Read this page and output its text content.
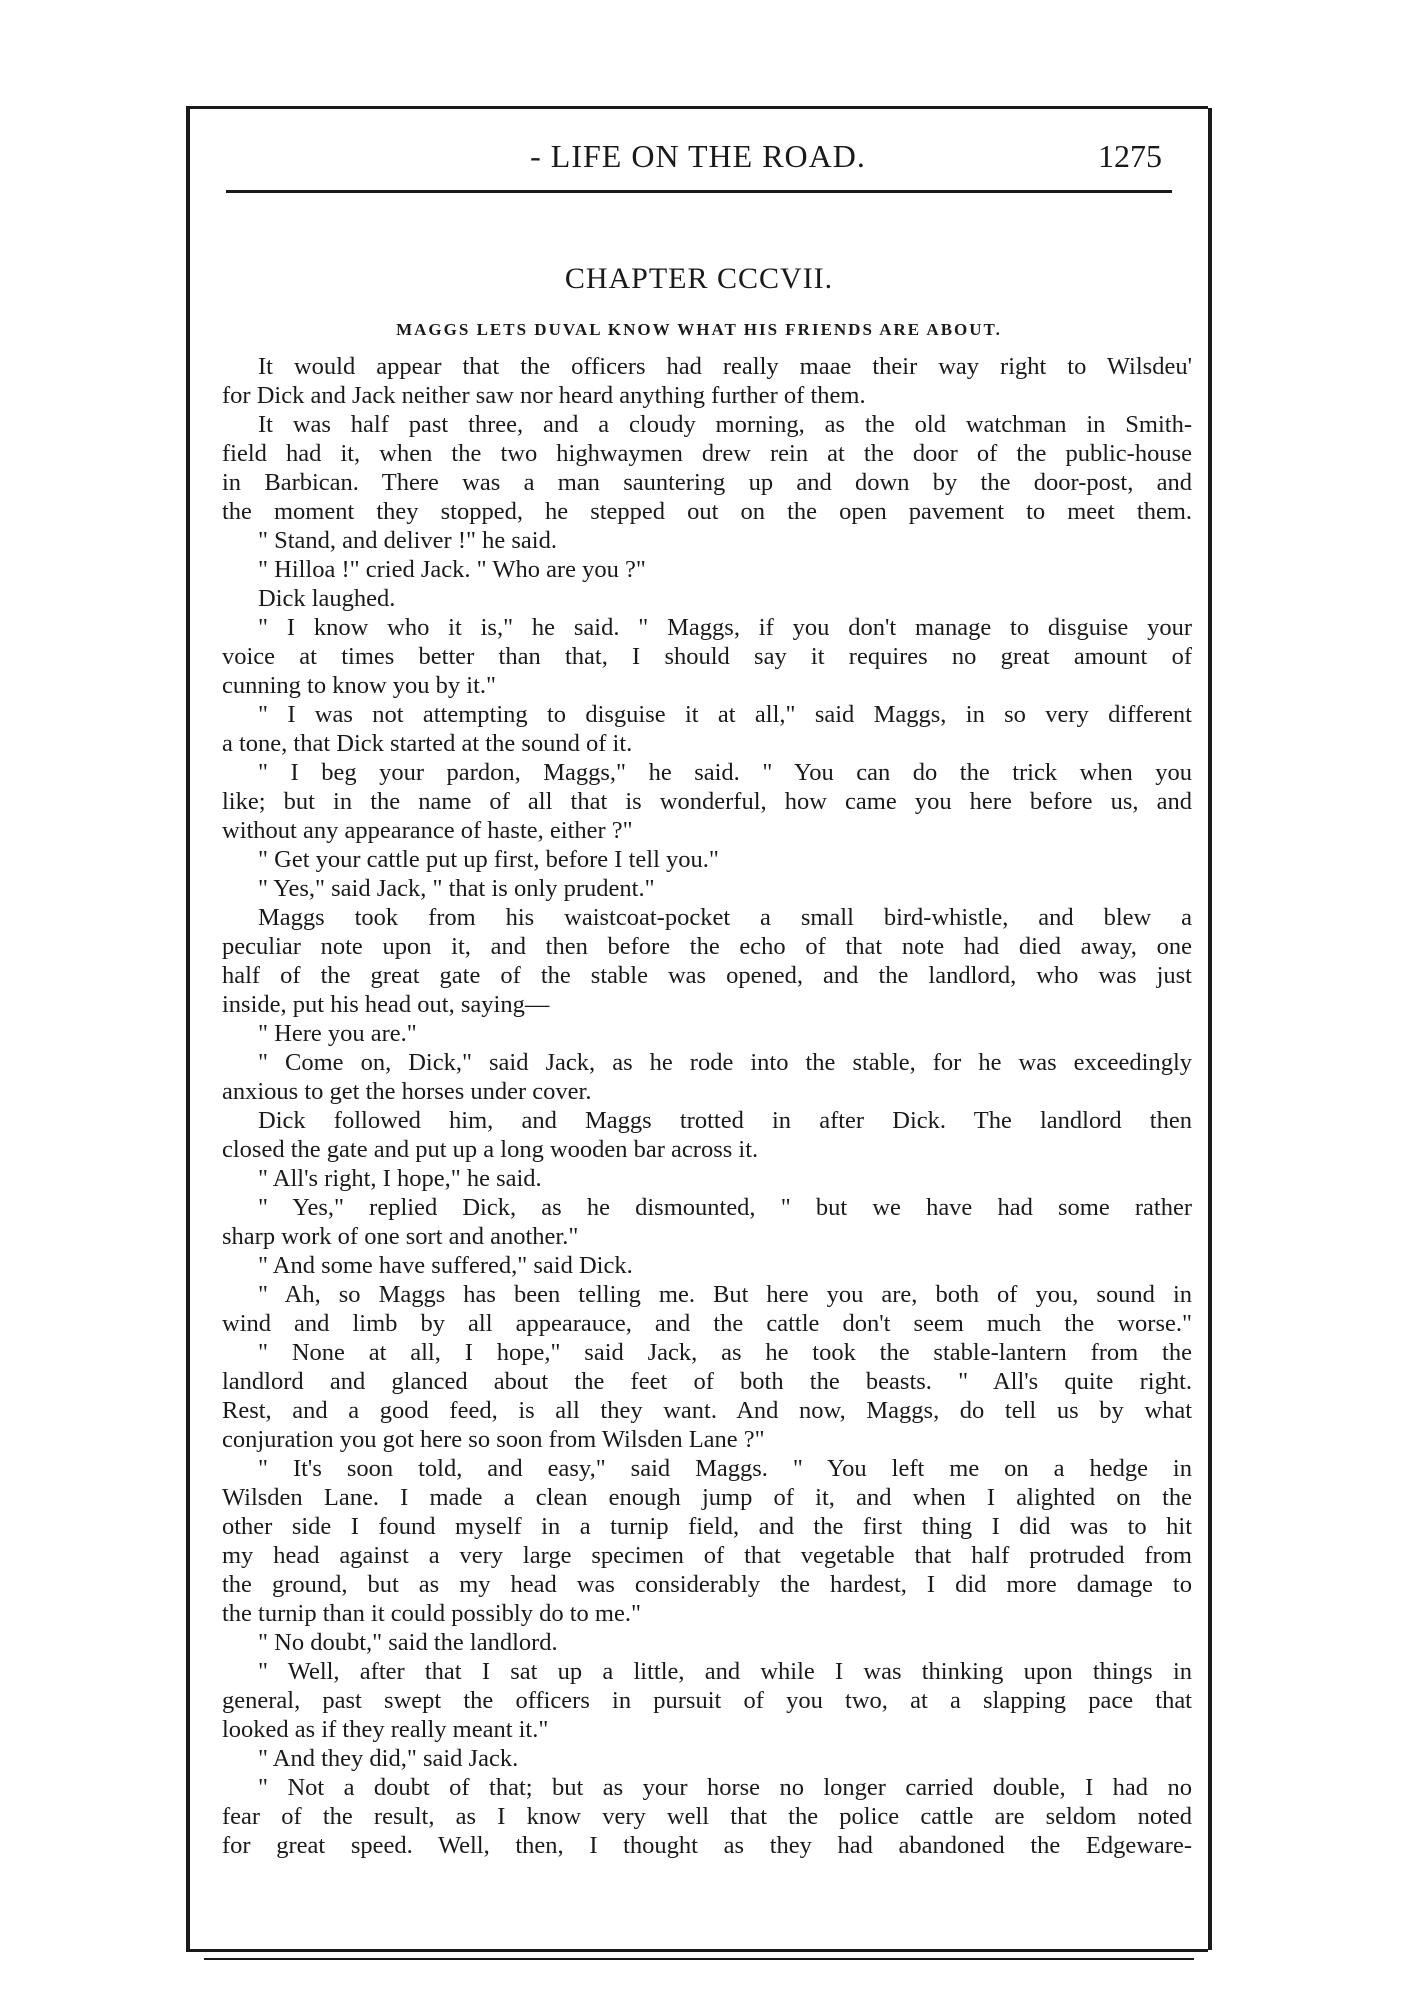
- LIFE ON THE ROAD.	1275
CHAPTER CCCVII.
MAGGS LETS DUVAL KNOW WHAT HIS FRIENDS ARE ABOUT.
It would appear that the officers had really maae their way right to Wilsdeu'
for Dick and Jack neither saw nor heard anything further of them.
It was half past three, and a cloudy morning, as the old watchman in Smith-
field had it, when the two highwaymen drew rein at the door of the public-house
in Barbican. There was a man sauntering up and down by the door-post, and
the moment they stopped, he stepped out on the open pavement to meet them.
" Stand, and deliver !" he said.
" Hilloa !" cried Jack. " Who are you ?"
Dick laughed.
" I know who it is," he said. " Maggs, if you don't manage to disguise your
voice at times better than that, I should say it requires no great amount of
cunning to know you by it."
" I was not attempting to disguise it at all," said Maggs, in so very different
a tone, that Dick started at the sound of it.
" I beg your pardon, Maggs," he said. " You can do the trick when you
like; but in the name of all that is wonderful, how came you here before us, and
without any appearance of haste, either ?"
" Get your cattle put up first, before I tell you."
" Yes," said Jack, " that is only prudent."
Maggs took from his waistcoat-pocket a small bird-whistle, and blew a
peculiar note upon it, and then before the echo of that note had died away, one
half of the great gate of the stable was opened, and the landlord, who was just
inside, put his head out, saying—
" Here you are."
" Come on, Dick," said Jack, as he rode into the stable, for he was exceedingly
anxious to get the horses under cover.
Dick followed him, and Maggs trotted in after Dick. The landlord then
closed the gate and put up a long wooden bar across it.
" All's right, I hope," he said.
" Yes," replied Dick, as he dismounted, " but we have had some rather
sharp work of one sort and another."
" And some have suffered," said Dick.
" Ah, so Maggs has been telling me. But here you are, both of you, sound in
wind and limb by all appearauce, and the cattle don't seem much the worse."
" None at all, I hope," said Jack, as he took the stable-lantern from the
landlord and glanced about the feet of both the beasts. " All's quite right.
Rest, and a good feed, is all they want. And now, Maggs, do tell us by what
conjuration you got here so soon from Wilsden Lane ?"
" It's soon told, and easy," said Maggs. " You left me on a hedge in
Wilsden Lane. I made a clean enough jump of it, and when I alighted on the
other side I found myself in a turnip field, and the first thing I did was to hit
my head against a very large specimen of that vegetable that half protruded from
the ground, but as my head was considerably the hardest, I did more damage to
the turnip than it could possibly do to me."
" No doubt," said the landlord.
" Well, after that I sat up a little, and while I was thinking upon things in
general, past swept the officers in pursuit of you two, at a slapping pace that
looked as if they really meant it."
" And they did," said Jack.
" Not a doubt of that; but as your horse no longer carried double, I had no
fear of the result, as I know very well that the police cattle are seldom noted
for great speed. Well, then, I thought as they had abandoned the Edgeware-
